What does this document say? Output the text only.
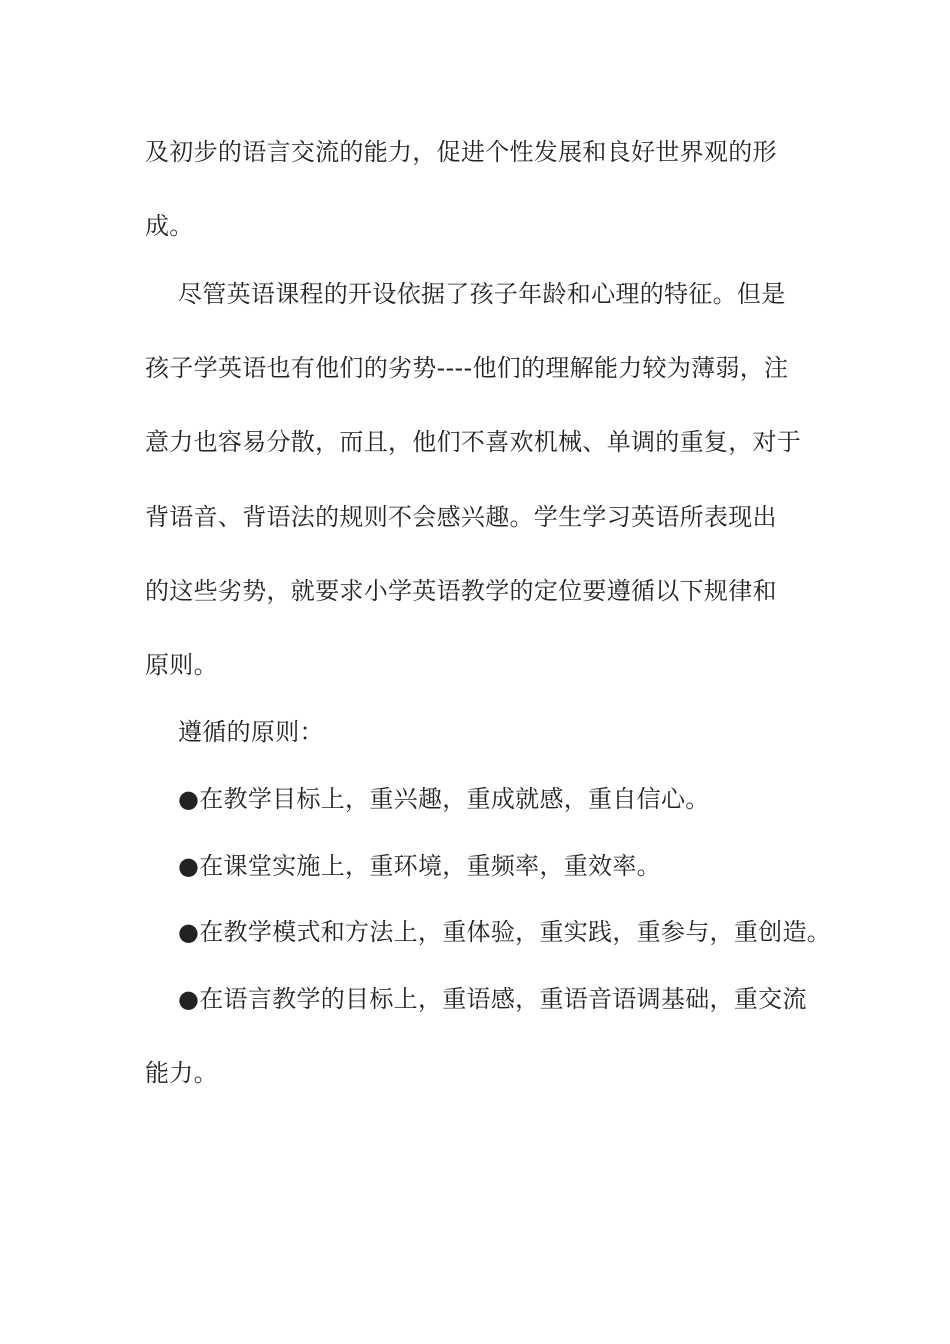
及初步的语言交流的能力，促进个性发展和良好世界观的形
成。
尽管英语课程的开设依据了孩子年龄和心理的特征。但是
孩子学英语也有他们的劣势----他们的理解能力较为薄弱，注
意力也容易分散，而且，他们不喜欢机械、单调的重复，对于
背语音、背语法的规则不会感兴趣。学生学习英语所表现出
的这些劣势，就要求小学英语教学的定位要遵循以下规律和
原则。
遵循的原则：
●在教学目标上，重兴趣，重成就感，重自信心。
●在课堂实施上，重环境，重频率，重效率。
●在教学模式和方法上，重体验，重实践，重参与，重创造。
●在语言教学的目标上，重语感，重语音语调基础，重交流
能力。
